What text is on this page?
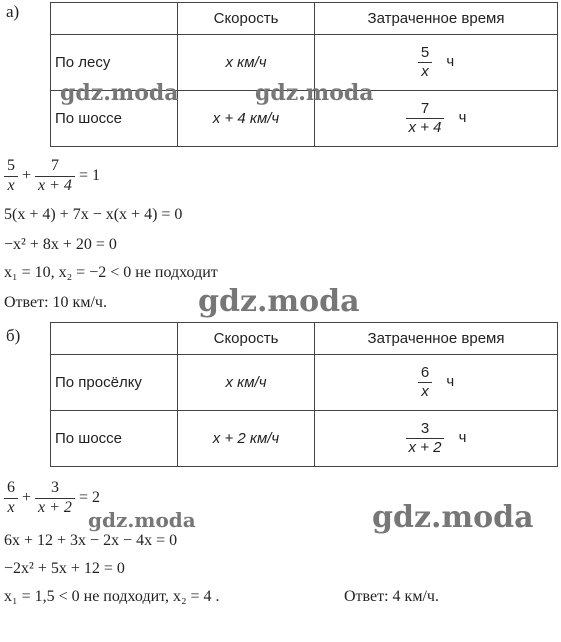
а)
		Скорость	Затраченное время
По лесу	x км/ч	$\frac{5}{x}$ ч
По шоссе	x + 4 км/ч	$\frac{7}{x + 4}$ ч
$\frac{5}{x} + \frac{7}{x + 4} = 1$
5(x + 4) + 7x − x(x + 4) = 0
−x² + 8x + 20 = 0
x₁ = 10, x₂ = −2 < 0 не подходит
Ответ: 10 км/ч.
б)
		Скорость	Затраченное время
По просёлку	x км/ч	$\frac{6}{x}$ ч
По шоссе	x + 2 км/ч	$\frac{3}{x + 2}$ ч
$\frac{6}{x} + \frac{3}{x + 2} = 2$
6x + 12 + 3x − 2x − 4x = 0
−2x² + 5x + 12 = 0
x₁ = 1,5 < 0 не подходит, x₂ = 4 .	Ответ: 4 км/ч.
gdz.moda	gdz.moda
gdz.moda
gdz.moda	gdz.moda
